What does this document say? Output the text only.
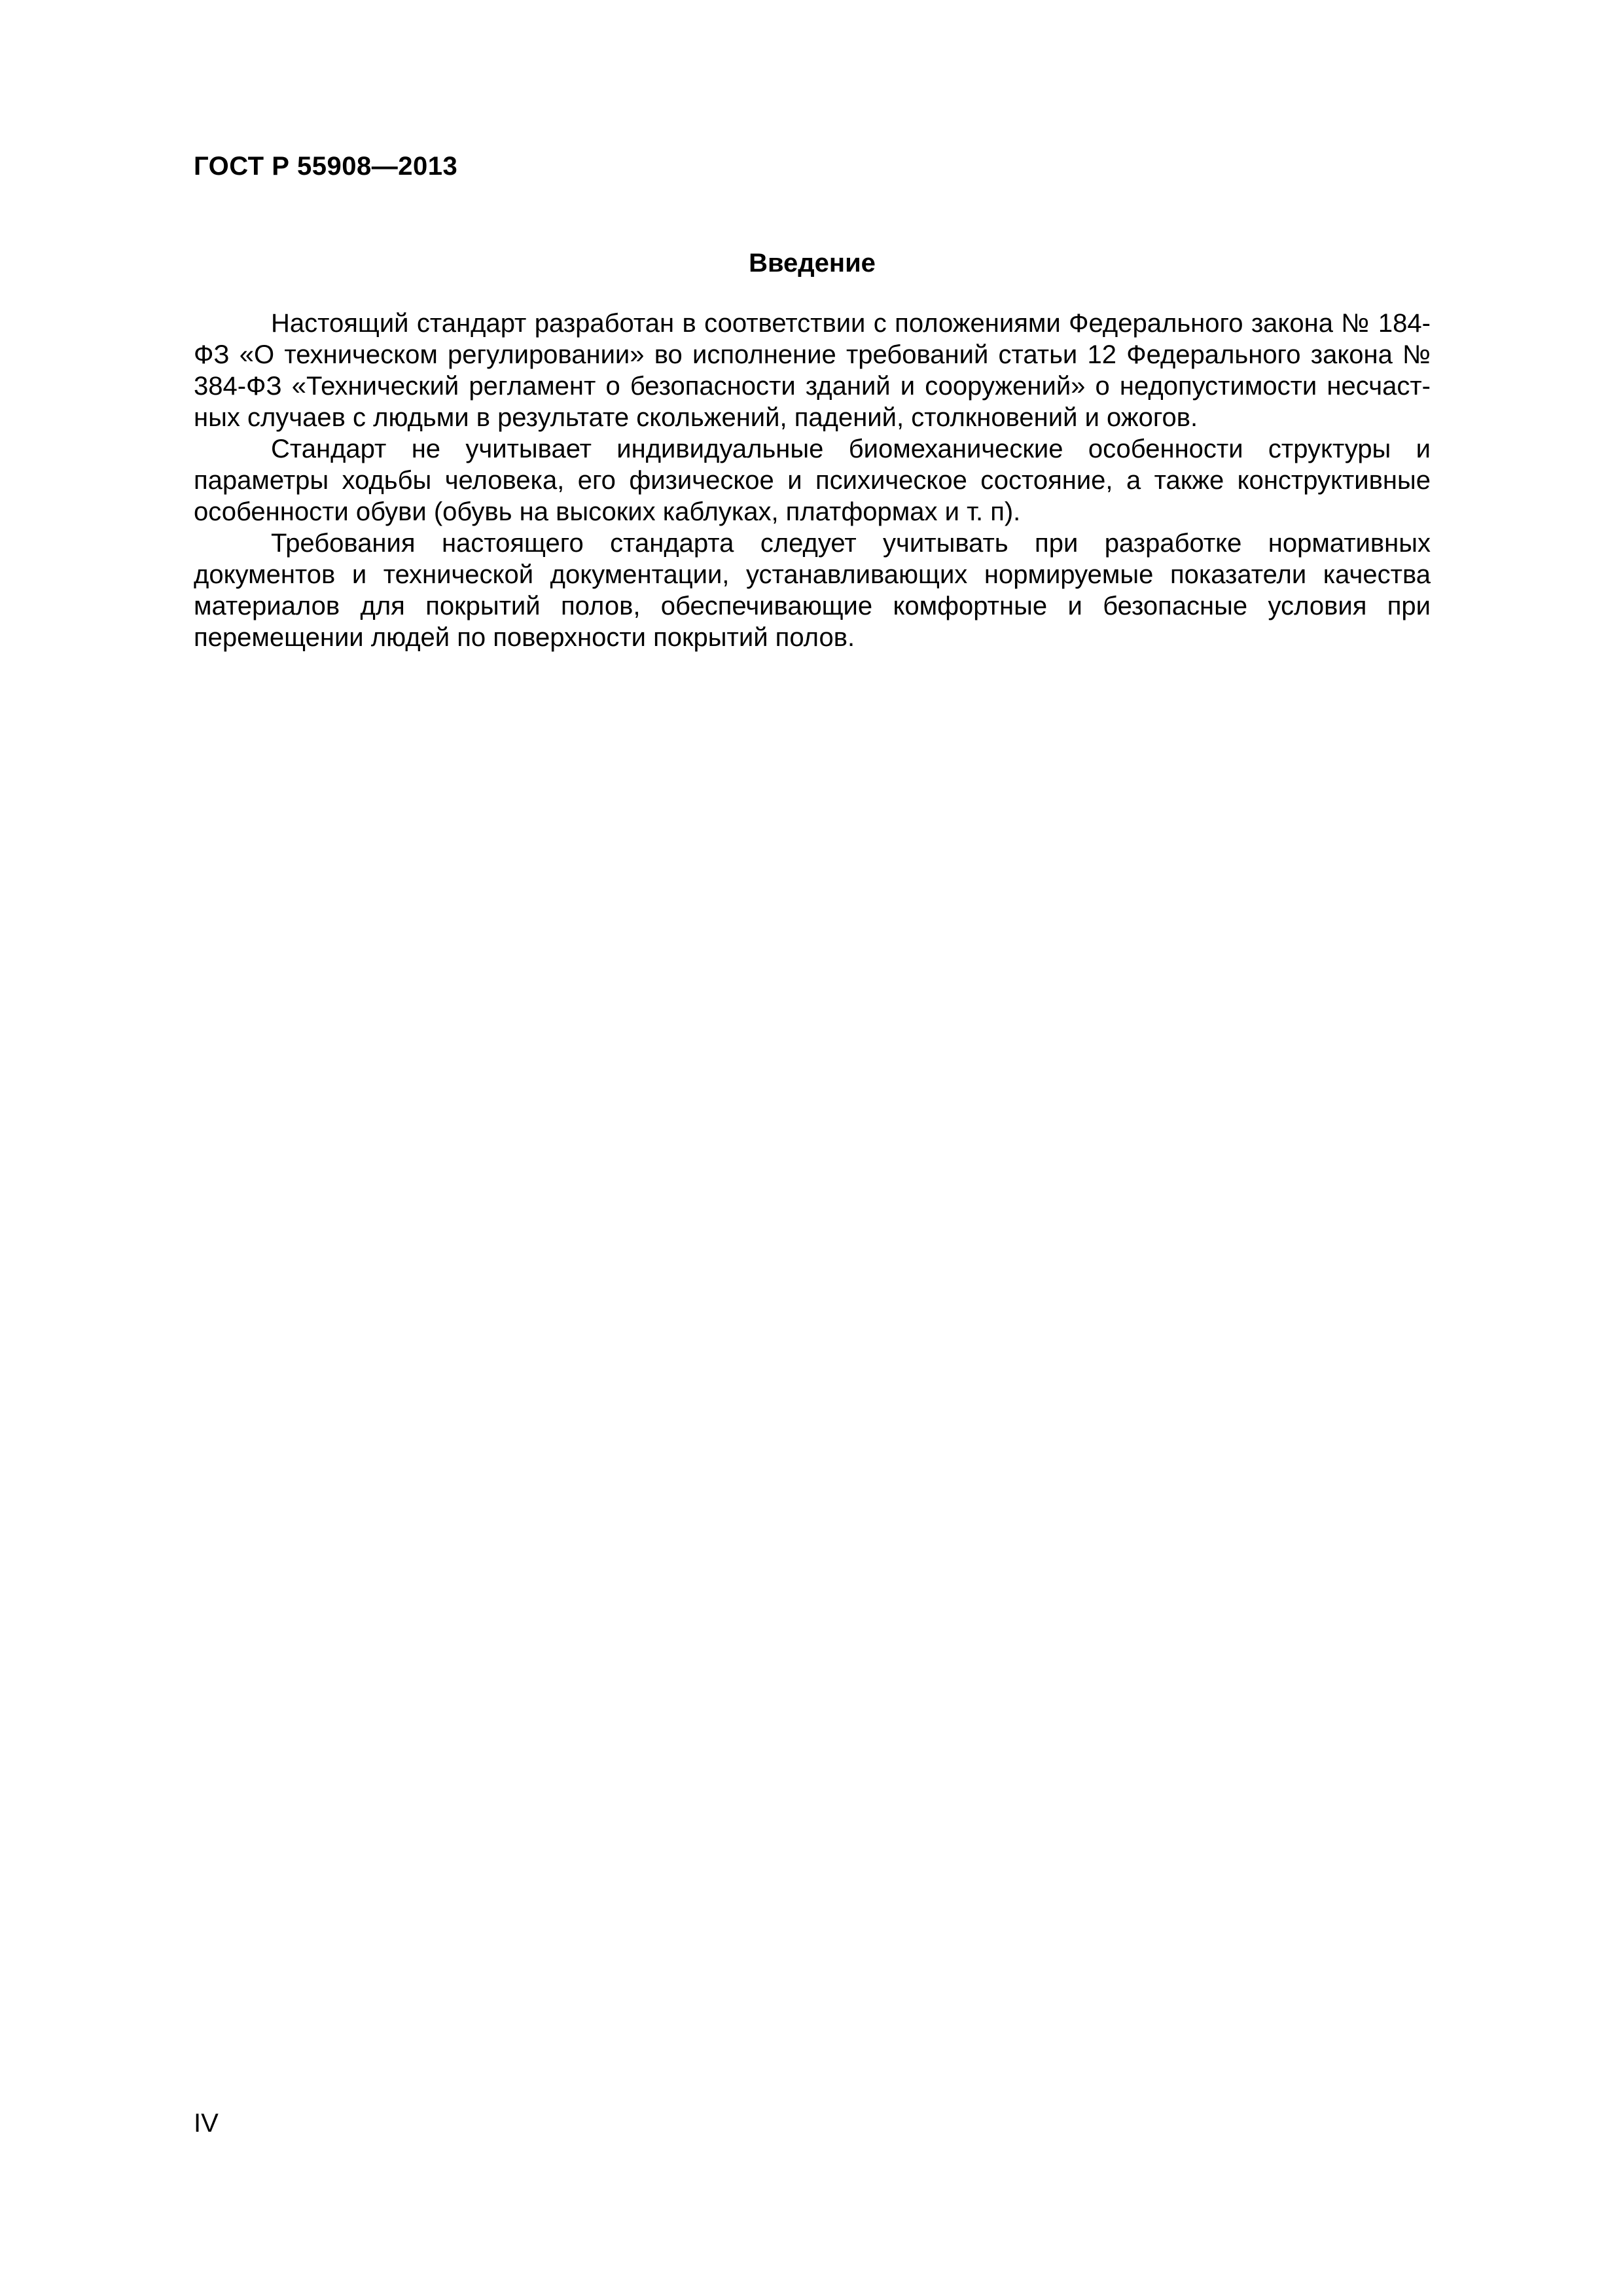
ГОСТ Р 55908—2013
Введение

Настоящий стандарт разработан в соответствии с положениями Федерального закона № 184-ФЗ «О техническом регулировании» во исполнение требований статьи 12 Федерального закона № 384-ФЗ «Технический регламент о безопасности зданий и сооружений» о недопустимости несчастных случаев с людьми в результате скольжений, падений, столкновений и ожогов.

Стандарт не учитывает индивидуальные биомеханические особенности структуры и параметры ходьбы человека, его физическое и психическое состояние, а также конструктивные особенности обуви (обувь на высоких каблуках, платформах и т. п).

Требования настоящего стандарта следует учитывать при разработке нормативных документов и технической документации, устанавливающих нормируемые показатели качества материалов для покрытий полов, обеспечивающие комфортные и безопасные условия при перемещении людей по поверхности покрытий полов.

IV
